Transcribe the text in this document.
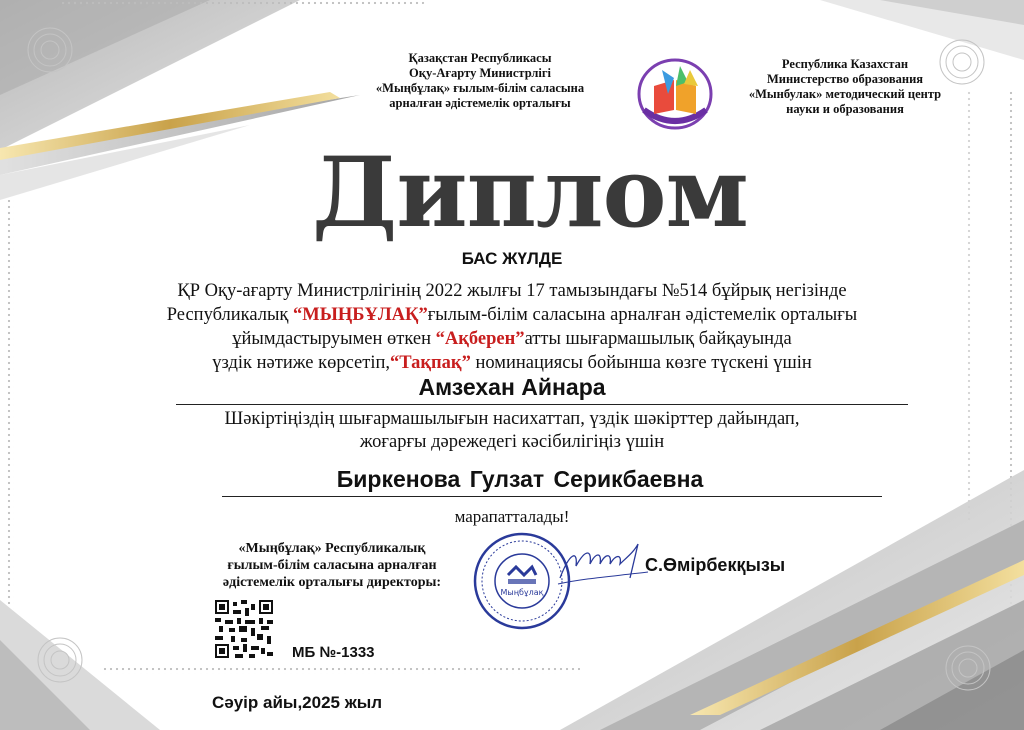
Қазақстан Республикасы
Оқу-Ағарту Министрлігі
«Мыңбұлақ» ғылым-білім саласына
арналған әдістемелік орталығы
Республика Казахстан
Министерство образования
«Мынбулак» методический центр
науки и образования
Диплом
БАС ЖҮЛДЕ
ҚР Оқу-ағарту Министрлігінің 2022 жылғы 17 тамызындағы №514 бұйрық негізінде
Республикалық “МЫҢБҰЛАҚ”ғылым-білім саласына арналған әдістемелік орталығы
ұйымдастыруымен өткен “Ақберен”атты шығармашылық байқауында
үздік нәтиже көрсетіп,“Тақпақ” номинациясы бойынша көзге түскені үшін
Амзехан Айнара
Шәкіртіңіздің шығармашылығын насихаттап, үздік шәкірттер дайындап,
жоғарғы дәрежедегі кәсібилігіңіз үшін
Биркенова Гулзат Серикбаевна
марапатталады!
«Мыңбұлақ» Республикалық
ғылым-білім саласына арналған
әдістемелік орталығы директоры:
Мыңбұлақ
С.Өмірбекқызы
МБ №-1333
Сәуір айы,2025 жыл
